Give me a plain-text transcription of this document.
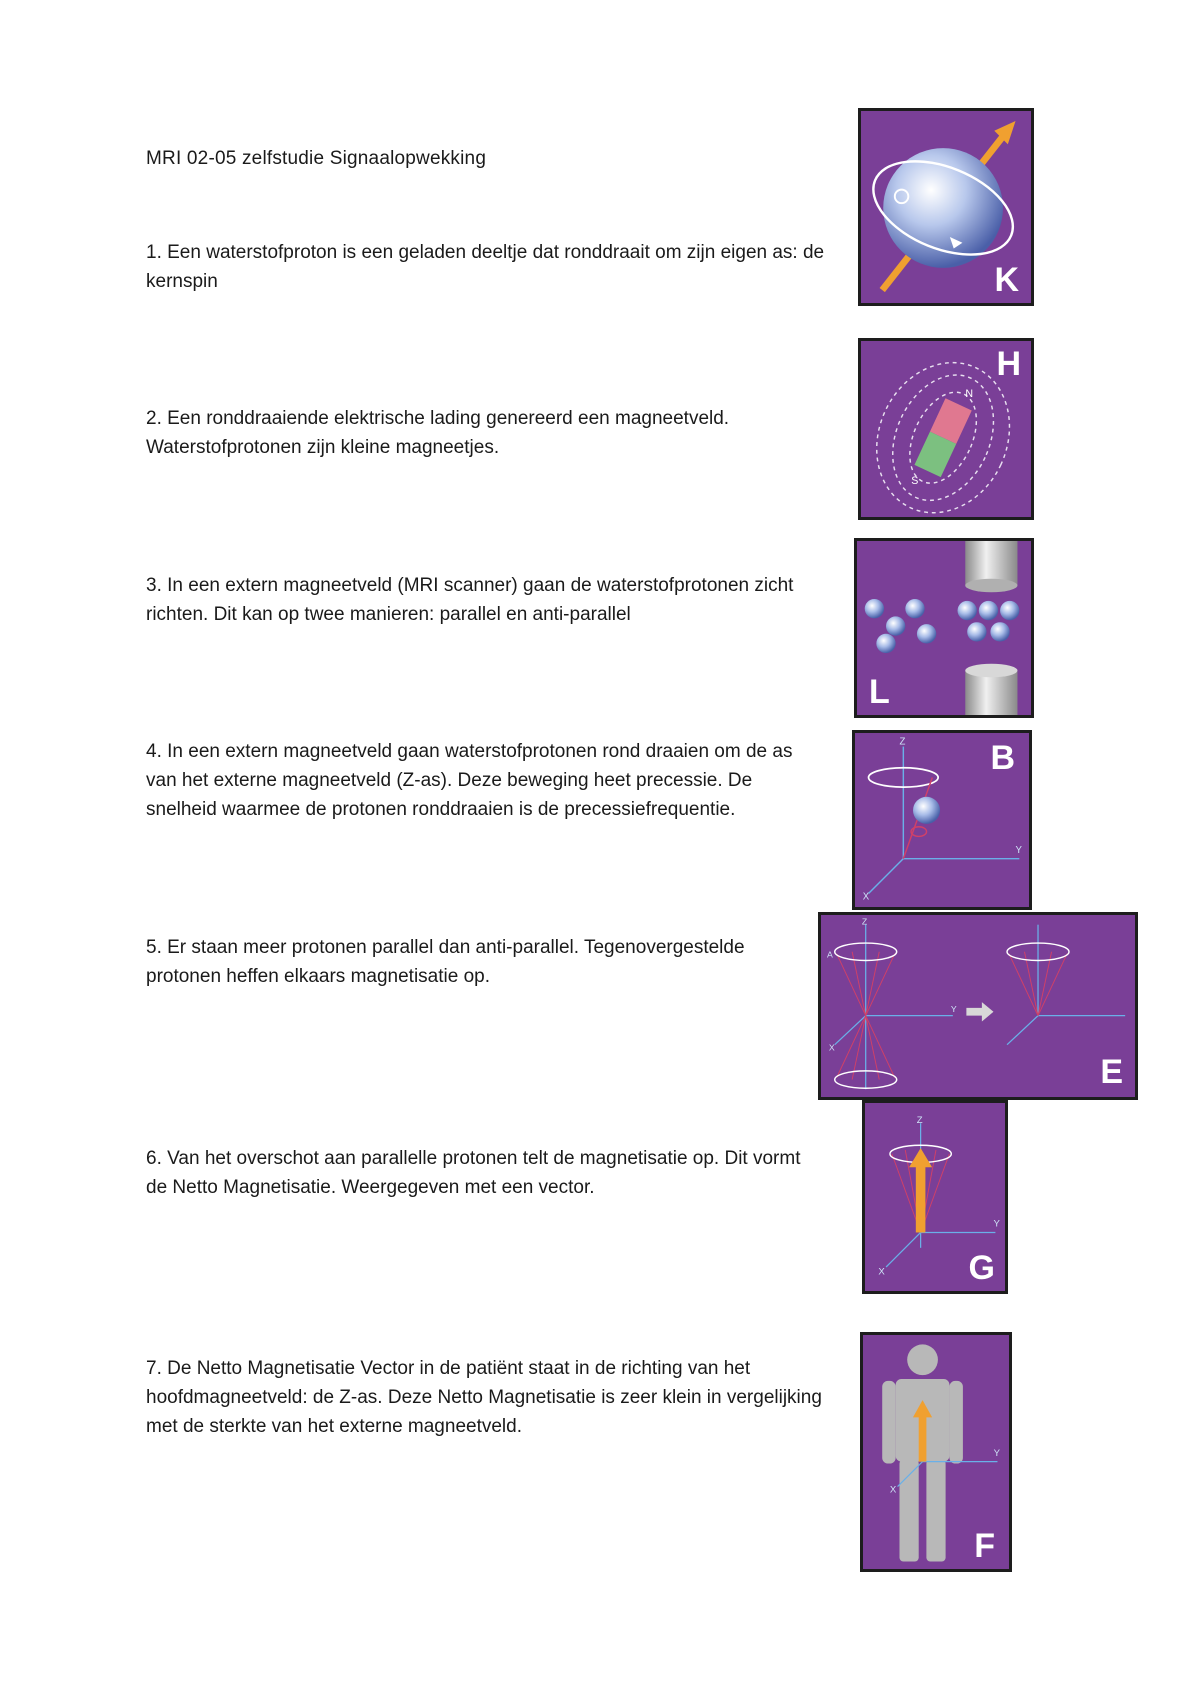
MRI 02-05 zelfstudie Signaalopwekking

1. Een waterstofproton is een geladen deeltje dat ronddraait om zijn eigen as: de kernspin

2. Een ronddraaiende elektrische lading genereerd een magneetveld. Waterstofprotonen zijn kleine magneetjes.

3. In een extern magneetveld (MRI scanner) gaan de waterstofprotonen zicht richten. Dit kan op twee manieren: parallel en anti-parallel

4. In een extern magneetveld gaan waterstofprotonen rond draaien om de as van het externe magneetveld (Z-as). Deze beweging heet precessie. De snelheid waarmee de protonen ronddraaien is de precessiefrequentie.

5. Er staan meer protonen parallel dan anti-parallel. Tegenovergestelde protonen heffen elkaars magnetisatie op.

6. Van het overschot aan parallelle protonen telt de magnetisatie op. Dit vormt de Netto Magnetisatie. Weergegeven met een vector.

7. De Netto Magnetisatie Vector in de patiënt staat in de richting van het hoofdmagneetveld: de Z-as. Deze Netto Magnetisatie is zeer klein in vergelijking met de sterkte van het externe magneetveld.

K
N
S
H
L
Z
Y
X
B
Z
Y
X
A
E
Z
Y
X G
Y
X
F
